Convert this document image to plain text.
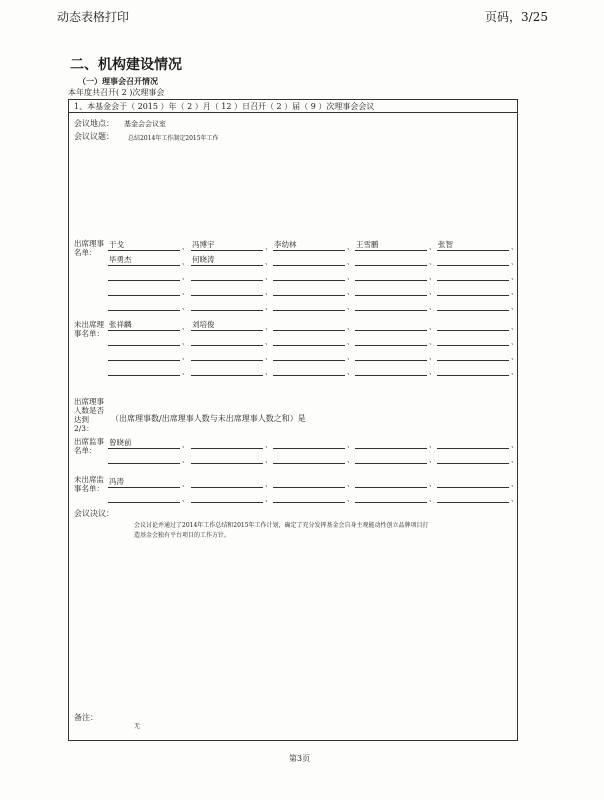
动态表格打印	页码，3/25
二、机构建设情况
（一）理事会召开情况
本年度共召开( 2 )次理事会
1、本基金会于（ 2015 ）年（ 2 ）月（ 12 ）日召开（ 2 ）届（ 9 ）次理事会会议
会议地点： 基金会会议室
会议议题： 总结2014年工作制定2015年工作
出席理事名单：
于戈	、 冯博宇	、 李幼林	、 王雪鹏	、 张智	、
毕勇杰	、 何晓涛	、	、	、	、
、	、	、	、	、
、	、	、	、	、
、	、	、	、	、
未出席理事名单：
张祥麟	、 刘培俊	、	、	、	、
、	、	、	、	、
、	、	、	、	、
、	、	、	、	、
出席理事人数是否达到2/3：
（出席理事数/出席理事人数与未出席理事人数之和）是
出席监事名单：
曾晓前	、	、	、	、	、
、	、	、	、	、
未出席监事名单：
冯涛	、	、	、	、	、
、	、	、	、	、
会议决议：
会议讨论并通过了2014年工作总结和2015年工作计划，确定了充分发挥基金会自身主观能动性创立品牌项目打造基金会独有平台项目的工作方针。
备注：
无
第3页
